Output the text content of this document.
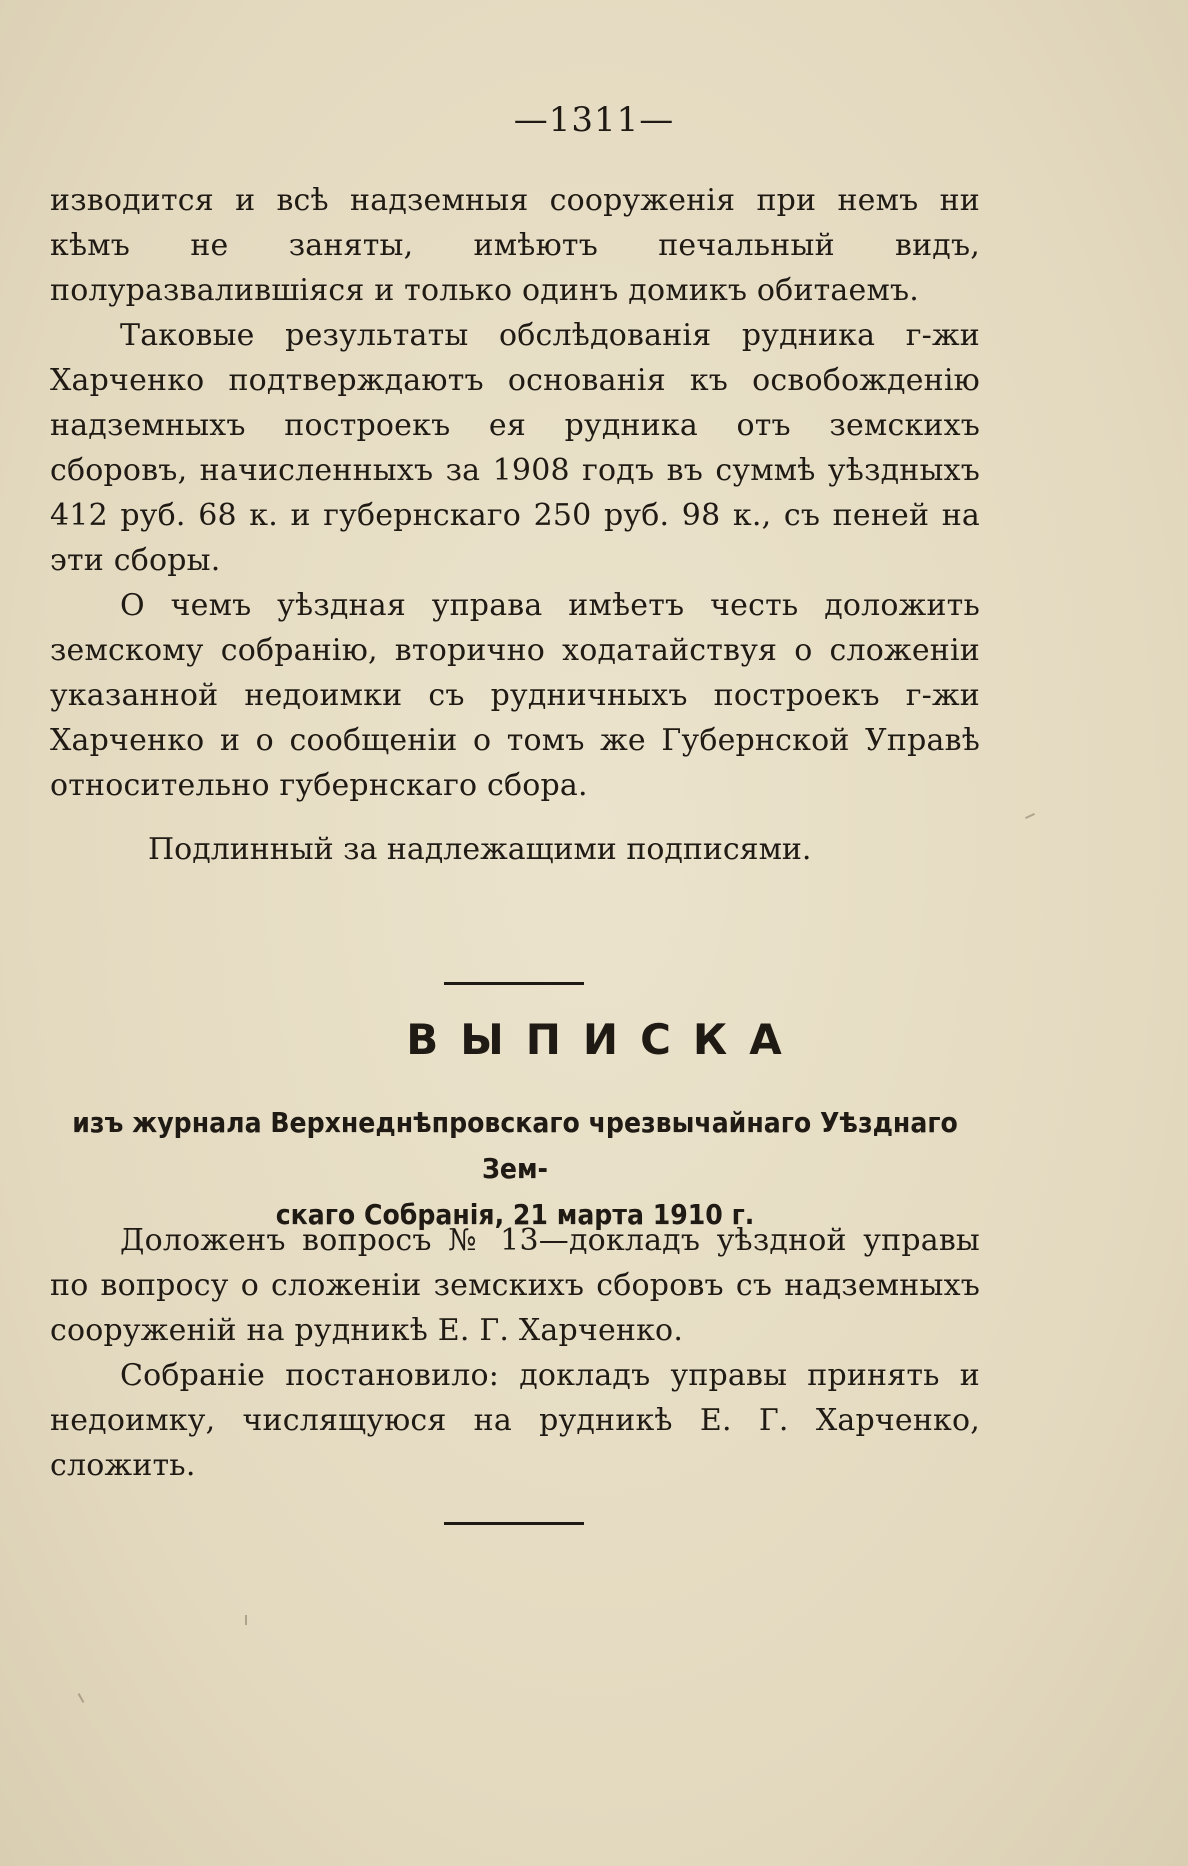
—1311—

изводится и всѣ надземныя сооруженія при немъ ни кѣмъ не заняты, имѣютъ печальный видъ, полуразвалившіяся и только одинъ домикъ обитаемъ.

Таковые результаты обслѣдованія рудника г-жи Харченко подтверждаютъ основанія къ освобожденію надземныхъ построекъ ея рудника отъ земскихъ сборовъ, начисленныхъ за 1908 годъ въ суммѣ уѣздныхъ 412 руб. 68 к. и губернскаго 250 руб. 98 к., съ пеней на эти сборы.

О чемъ уѣздная управа имѣетъ честь доложить земскому собранію, вторично ходатайствуя о сложеніи указанной недоимки съ рудничныхъ построекъ г-жи Харченко и о сообщеніи о томъ же Губернской Управѣ относительно губернскаго сбора.

Подлинный за надлежащими подписями.
ВЫПИСКА
изъ журнала Верхнеднѣпровскаго чрезвычайнаго Уѣзднаго Зем-
скаго Собранія, 21 марта 1910 г.

Доложенъ вопросъ № 13—докладъ уѣздной управы по вопросу о сложеніи земскихъ сборовъ съ надземныхъ сооруженій на рудникѣ Е. Г. Харченко.

Собраніе постановило: докладъ управы принять и недоимку, числящуюся на рудникѣ Е. Г. Харченко, сложить.
